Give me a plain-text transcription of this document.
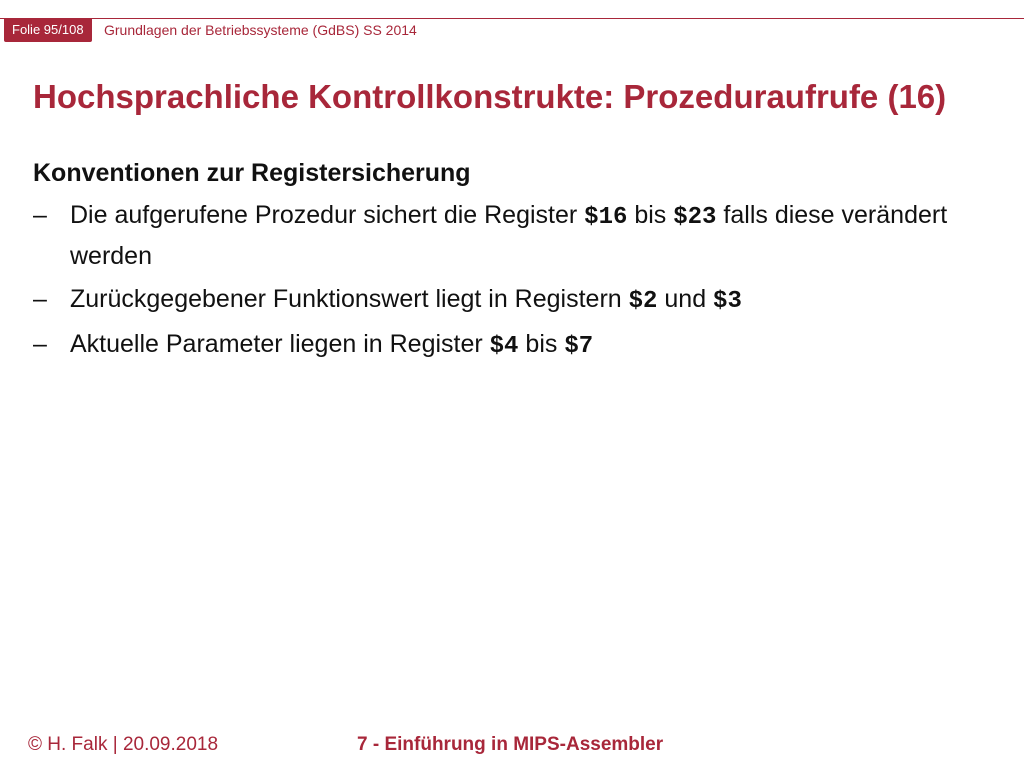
Folie 95/108	Grundlagen der Betriebssysteme (GdBS) SS 2014
Hochsprachliche Kontrollkonstrukte: Prozeduraufrufe (16)
Konventionen zur Registersicherung
– Die aufgerufene Prozedur sichert die Register $16 bis $23 falls diese verändert werden
– Zurückgegebener Funktionswert liegt in Registern $2 und $3
– Aktuelle Parameter liegen in Register $4 bis $7
© H. Falk | 20.09.2018	7 - Einführung in MIPS-Assembler
